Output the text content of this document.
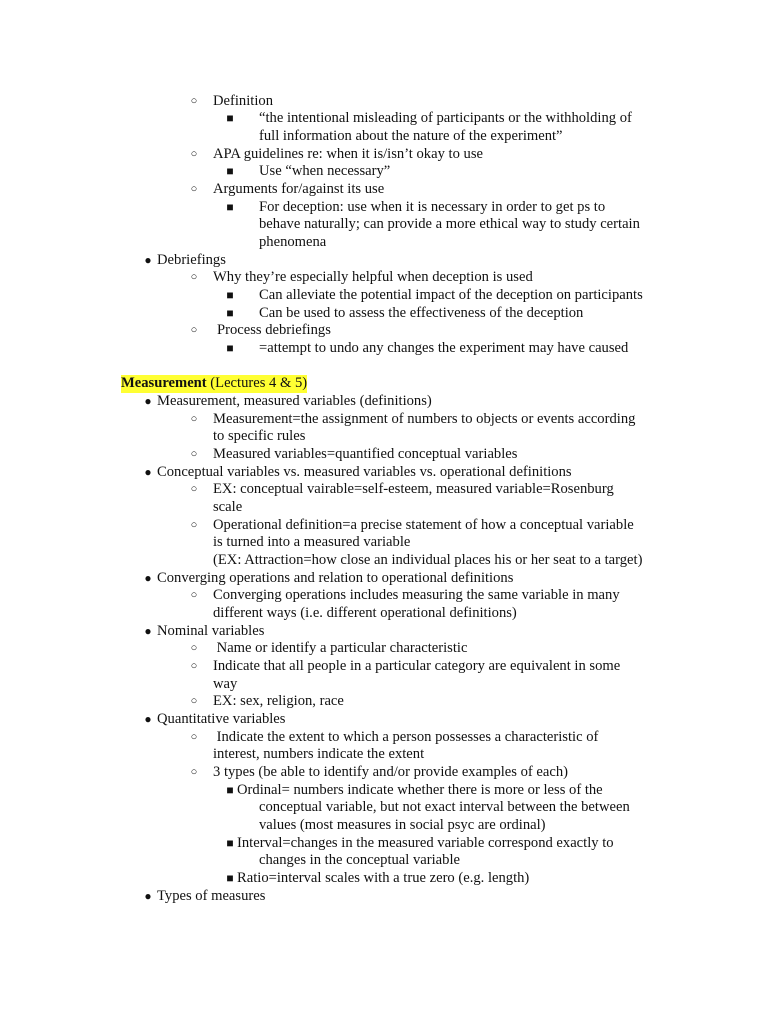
○ Definition
■ “the intentional misleading of participants or the withholding of
full information about the nature of the experiment”
○ APA guidelines re: when it is/isn’t okay to use
■ Use “when necessary”
○ Arguments for/against its use
■ For deception: use when it is necessary in order to get ps to
behave naturally; can provide a more ethical way to study certain
phenomena
● Debriefings
○ Why they’re especially helpful when deception is used
■ Can alleviate the potential impact of the deception on participants
■ Can be used to assess the effectiveness of the deception
○ Process debriefings
■ =attempt to undo any changes the experiment may have caused
Measurement (Lectures 4 & 5)
● Measurement, measured variables (definitions)
○ Measurement=the assignment of numbers to objects or events according
to specific rules
○ Measured variables=quantified conceptual variables
● Conceptual variables vs. measured variables vs. operational definitions
○ EX: conceptual vairable=self-esteem, measured variable=Rosenburg
scale
○ Operational definition=a precise statement of how a conceptual variable
is turned into a measured variable
(EX: Attraction=how close an individual places his or her seat to a target)
● Converging operations and relation to operational definitions
○ Converging operations includes measuring the same variable in many
different ways (i.e. different operational definitions)
● Nominal variables
○ Name or identify a particular characteristic
○ Indicate that all people in a particular category are equivalent in some
way
○ EX: sex, religion, race
● Quantitative variables
○ Indicate the extent to which a person possesses a characteristic of
interest, numbers indicate the extent
○ 3 types (be able to identify and/or provide examples of each)
■ Ordinal= numbers indicate whether there is more or less of the
conceptual variable, but not exact interval between the between
values (most measures in social psyc are ordinal)
■ Interval=changes in the measured variable correspond exactly to
changes in the conceptual variable
■ Ratio=interval scales with a true zero (e.g. length)
● Types of measures
